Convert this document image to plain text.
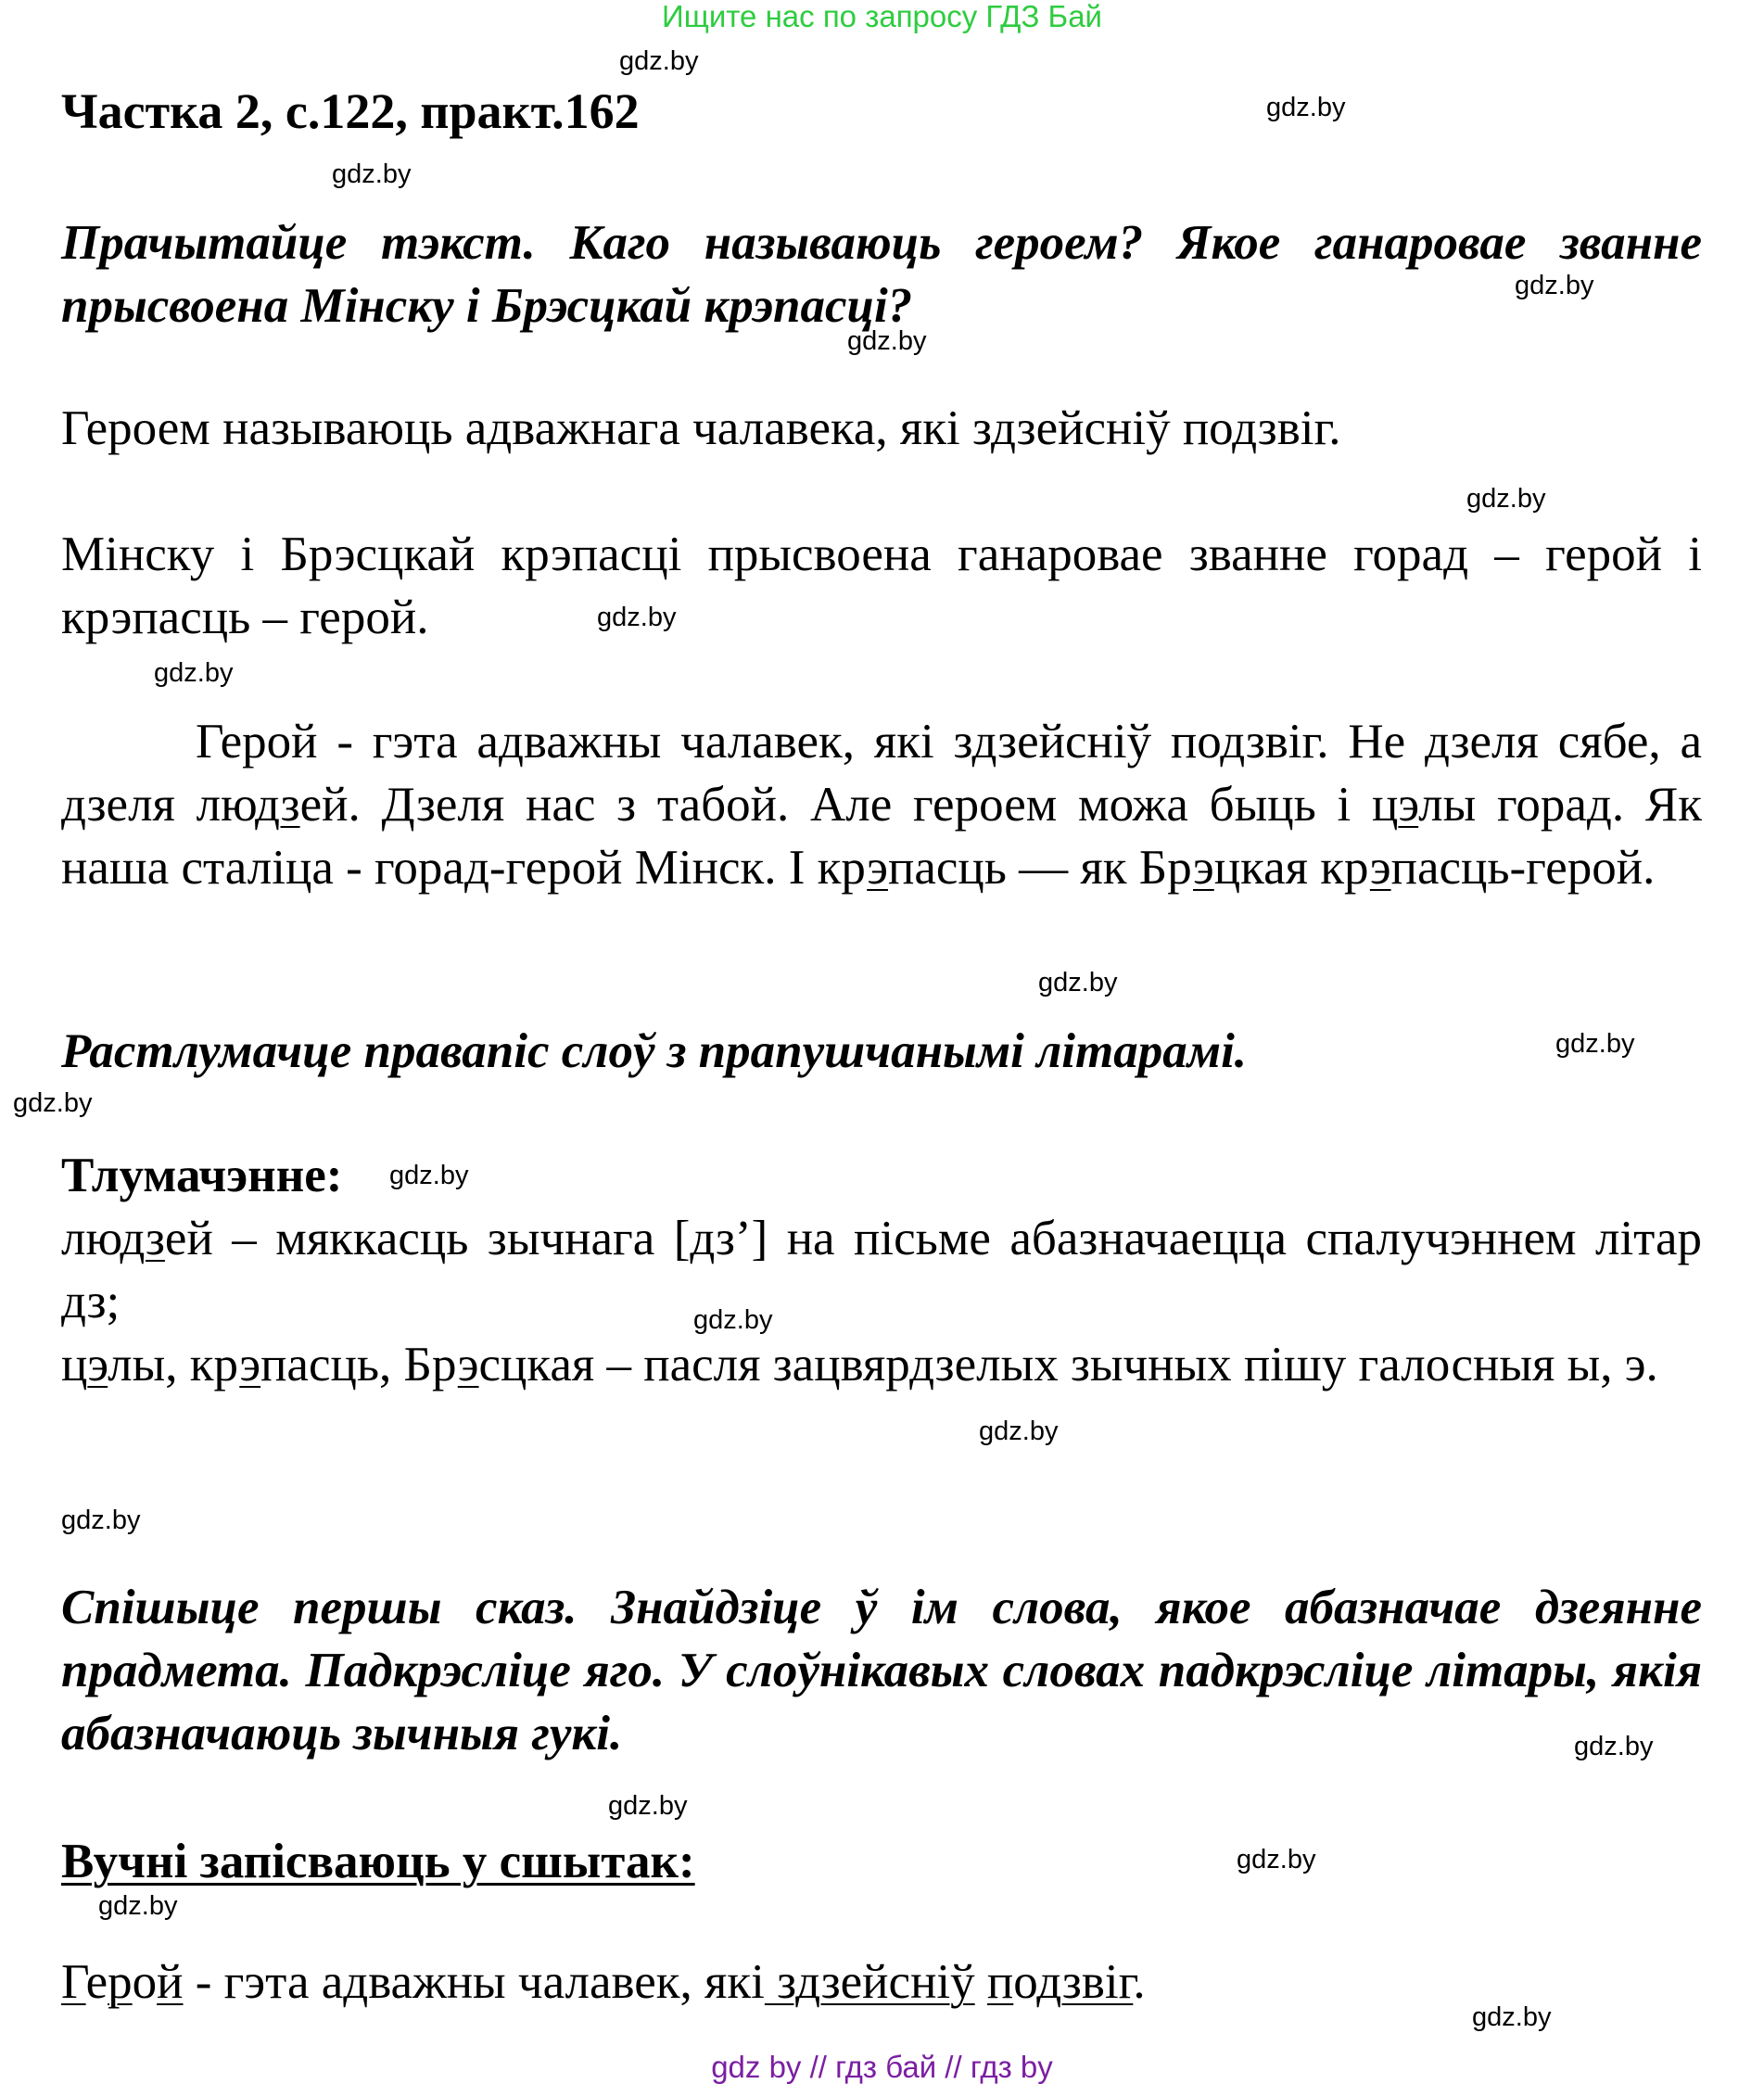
Ищите нас по запросу ГДЗ Бай
Частка 2, с.122, практ.162
Прачытайце тэкст. Каго называюць героем? Якое ганаровае званне прысвоена Мінску і Брэсцкай крэпасці?
Героем называюць адважнага чалавека, які здзейсніў подзвіг.
Мінску і Брэсцкай крэпасці прысвоена ганаровае званне горад – герой і крэпасць – герой.
Герой - гэта адважны чалавек, які здзейсніў подзвіг. Не дзеля сябе, а дзеля людзей. Дзеля нас з табой. Але героем можа быць і цэлы горад. Як наша сталіца - горад-герой Мінск. І крэпасць — як Брэцкая крэпасць-герой.
Растлумачце правапіс слоў з прапушчанымі літарамі.
Тлумачэнне:
людзей – мяккасць зычнага [дз’] на пісьме абазначаецца спалучэннем літар дз;
цэлы, крэпасць, Брэсцкая – пасля зацвярдзелых зычных пішу галосныя ы, э.
Спішыце першы сказ. Знайдзіце ў ім слова, якое абазначае дзеянне прадмета. Падкрэсліце яго. У слоўнікавых словах падкрэсліце літары, якія абазначаюць зычныя гукі.
Вучні запісваюць у сшытак:
Герой - гэта адважны чалавек, які здзейсніў подзвіг.
gdz.by
gdz.by
gdz.by
gdz.by
gdz.by
gdz.by
gdz.by
gdz.by
gdz.by
gdz.by
gdz.by
gdz.by
gdz.by
gdz.by
gdz.by
gdz.by
gdz.by
gdz.by
gdz.by
gdz.by
gdz by // гдз бай // гдз by
